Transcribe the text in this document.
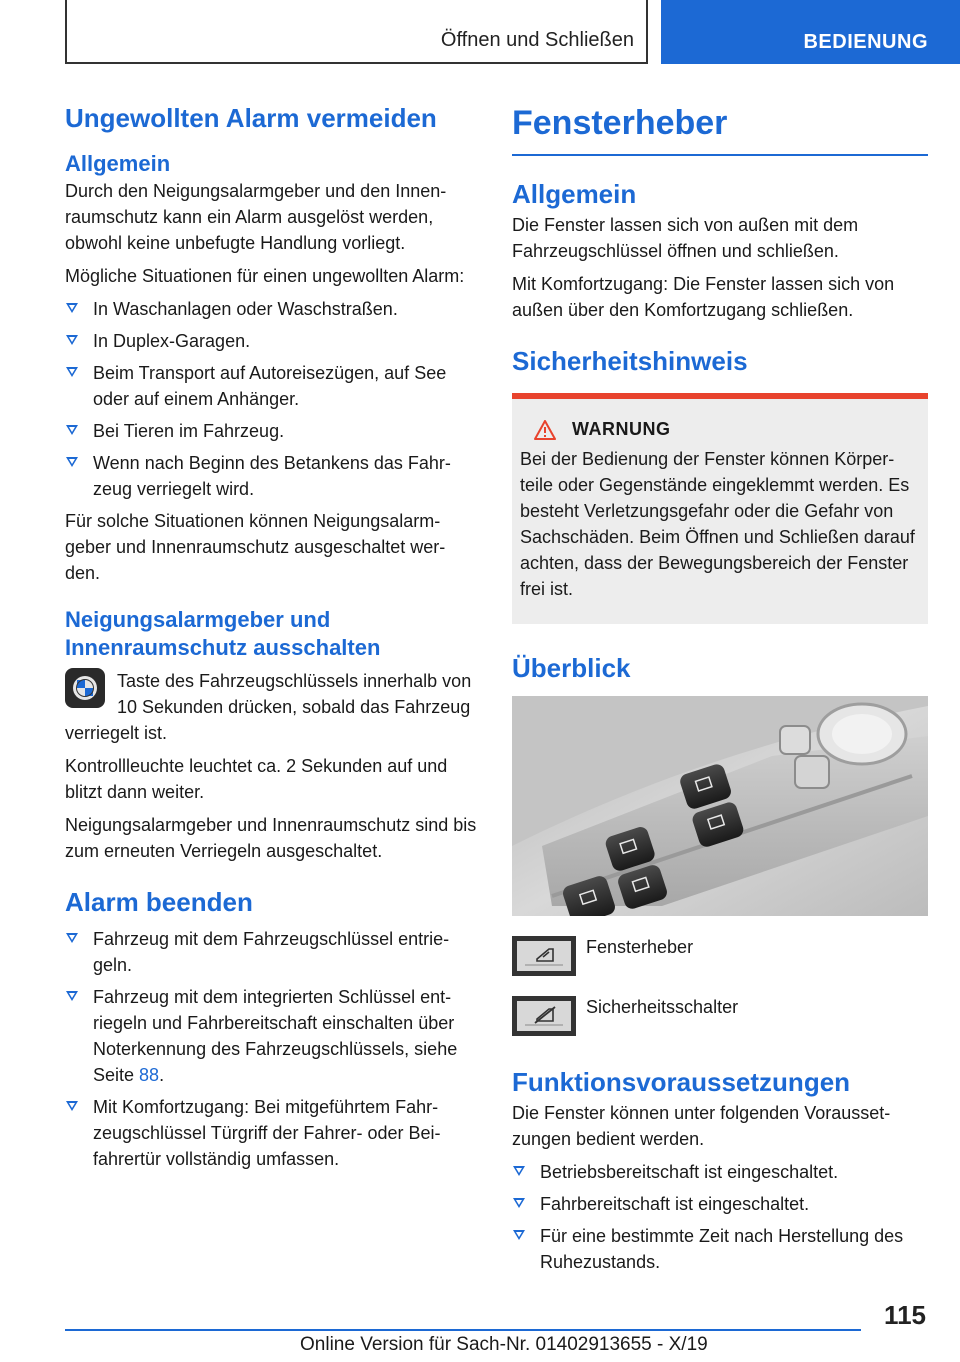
Öffnen und Schließen	BEDIENUNG
Ungewollten Alarm vermeiden
Allgemein

Durch den Neigungsalarmgeber und den Innen-raumschutz kann ein Alarm ausgelöst werden, obwohl keine unbefugte Handlung vorliegt.

Mögliche Situationen für einen ungewollten Alarm:

In Waschanlagen oder Waschstraßen.
In Duplex-Garagen.
Beim Transport auf Autoreisezügen, auf See oder auf einem Anhänger.
Bei Tieren im Fahrzeug.
Wenn nach Beginn des Betankens das Fahr-zeug verriegelt wird.

Für solche Situationen können Neigungsalarm-geber und Innenraumschutz ausgeschaltet wer-den.

Neigungsalarmgeber und Innenraumschutz ausschalten

Taste des Fahrzeugschlüssels innerhalb von 10 Sekunden drücken, sobald das Fahrzeug verriegelt ist.

Kontrollleuchte leuchtet ca. 2 Sekunden auf und blitzt dann weiter.

Neigungsalarmgeber und Innenraumschutz sind bis zum erneuten Verriegeln ausgeschaltet.

Alarm beenden
Fahrzeug mit dem Fahrzeugschlüssel entrie-geln.
Fahrzeug mit dem integrierten Schlüssel ent-riegeln und Fahrbereitschaft einschalten über Noterkennung des Fahrzeugschlüssels, siehe Seite 88.
Mit Komfortzugang: Bei mitgeführtem Fahr-zeugschlüssel Türgriff der Fahrer- oder Bei-fahrertür vollständig umfassen.
Fensterheber
Allgemein

Die Fenster lassen sich von außen mit dem Fahrzeugschlüssel öffnen und schließen.

Mit Komfortzugang: Die Fenster lassen sich von außen über den Komfortzugang schließen.

Sicherheitshinweis
WARNUNG

Bei der Bedienung der Fenster können Körper-teile oder Gegenstände eingeklemmt werden. Es besteht Verletzungsgefahr oder die Gefahr von Sachschäden. Beim Öffnen und Schließen darauf achten, dass der Bewegungsbereich der Fenster frei ist.

Überblick
Fensterheber
Sicherheitsschalter
Funktionsvoraussetzungen

Die Fenster können unter folgenden Vorausset-zungen bedient werden.

Betriebsbereitschaft ist eingeschaltet.
Fahrbereitschaft ist eingeschaltet.
Für eine bestimmte Zeit nach Herstellung des Ruhezustands.
115
Online Version für Sach-Nr. 01402913655 - X/19
